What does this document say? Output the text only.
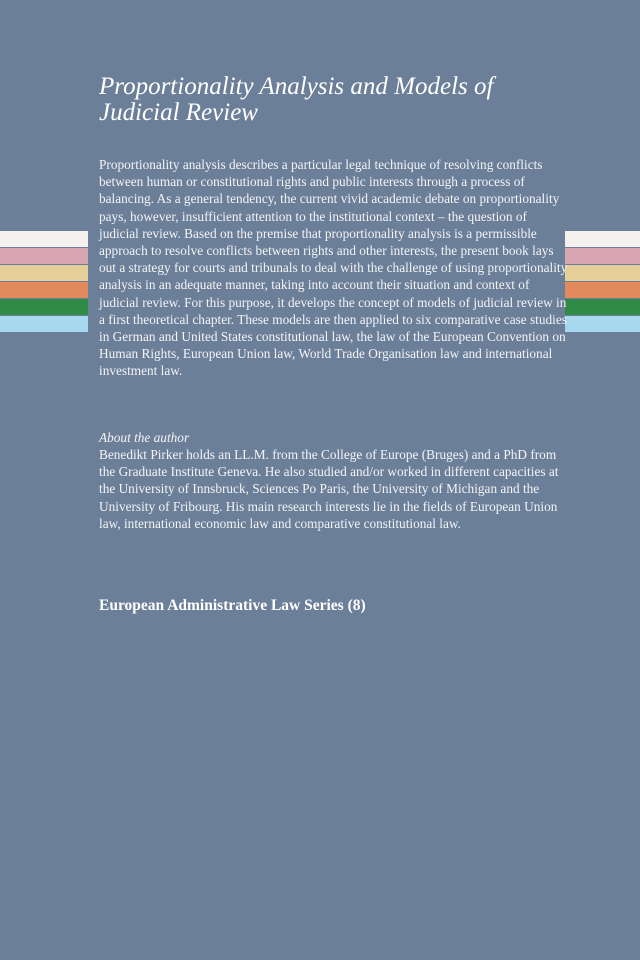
Proportionality Analysis and Models of Judicial Review

Proportionality analysis describes a particular legal technique of resolving conflicts between human or constitutional rights and public interests through a process of balancing. As a general tendency, the current vivid academic debate on proportionality pays, however, insufficient attention to the institutional context – the question of judicial review. Based on the premise that proportionality analysis is a permissible approach to resolve conflicts between rights and other interests, the present book lays out a strategy for courts and tribunals to deal with the challenge of using proportionality analysis in an adequate manner, taking into account their situation and context of judicial review. For this purpose, it develops the concept of models of judicial review in a first theoretical chapter. These models are then applied to six comparative case studies in German and United States constitutional law, the law of the European Convention on Human Rights, European Union law, World Trade Organisation law and international investment law.

About the author

Benedikt Pirker holds an LL.M. from the College of Europe (Bruges) and a PhD from the Graduate Institute Geneva. He also studied and/or worked in different capacities at the University of Innsbruck, Sciences Po Paris, the University of Michigan and the University of Fribourg. His main research interests lie in the fields of European Union law, international economic law and comparative constitutional law.

European Administrative Law Series (8)
